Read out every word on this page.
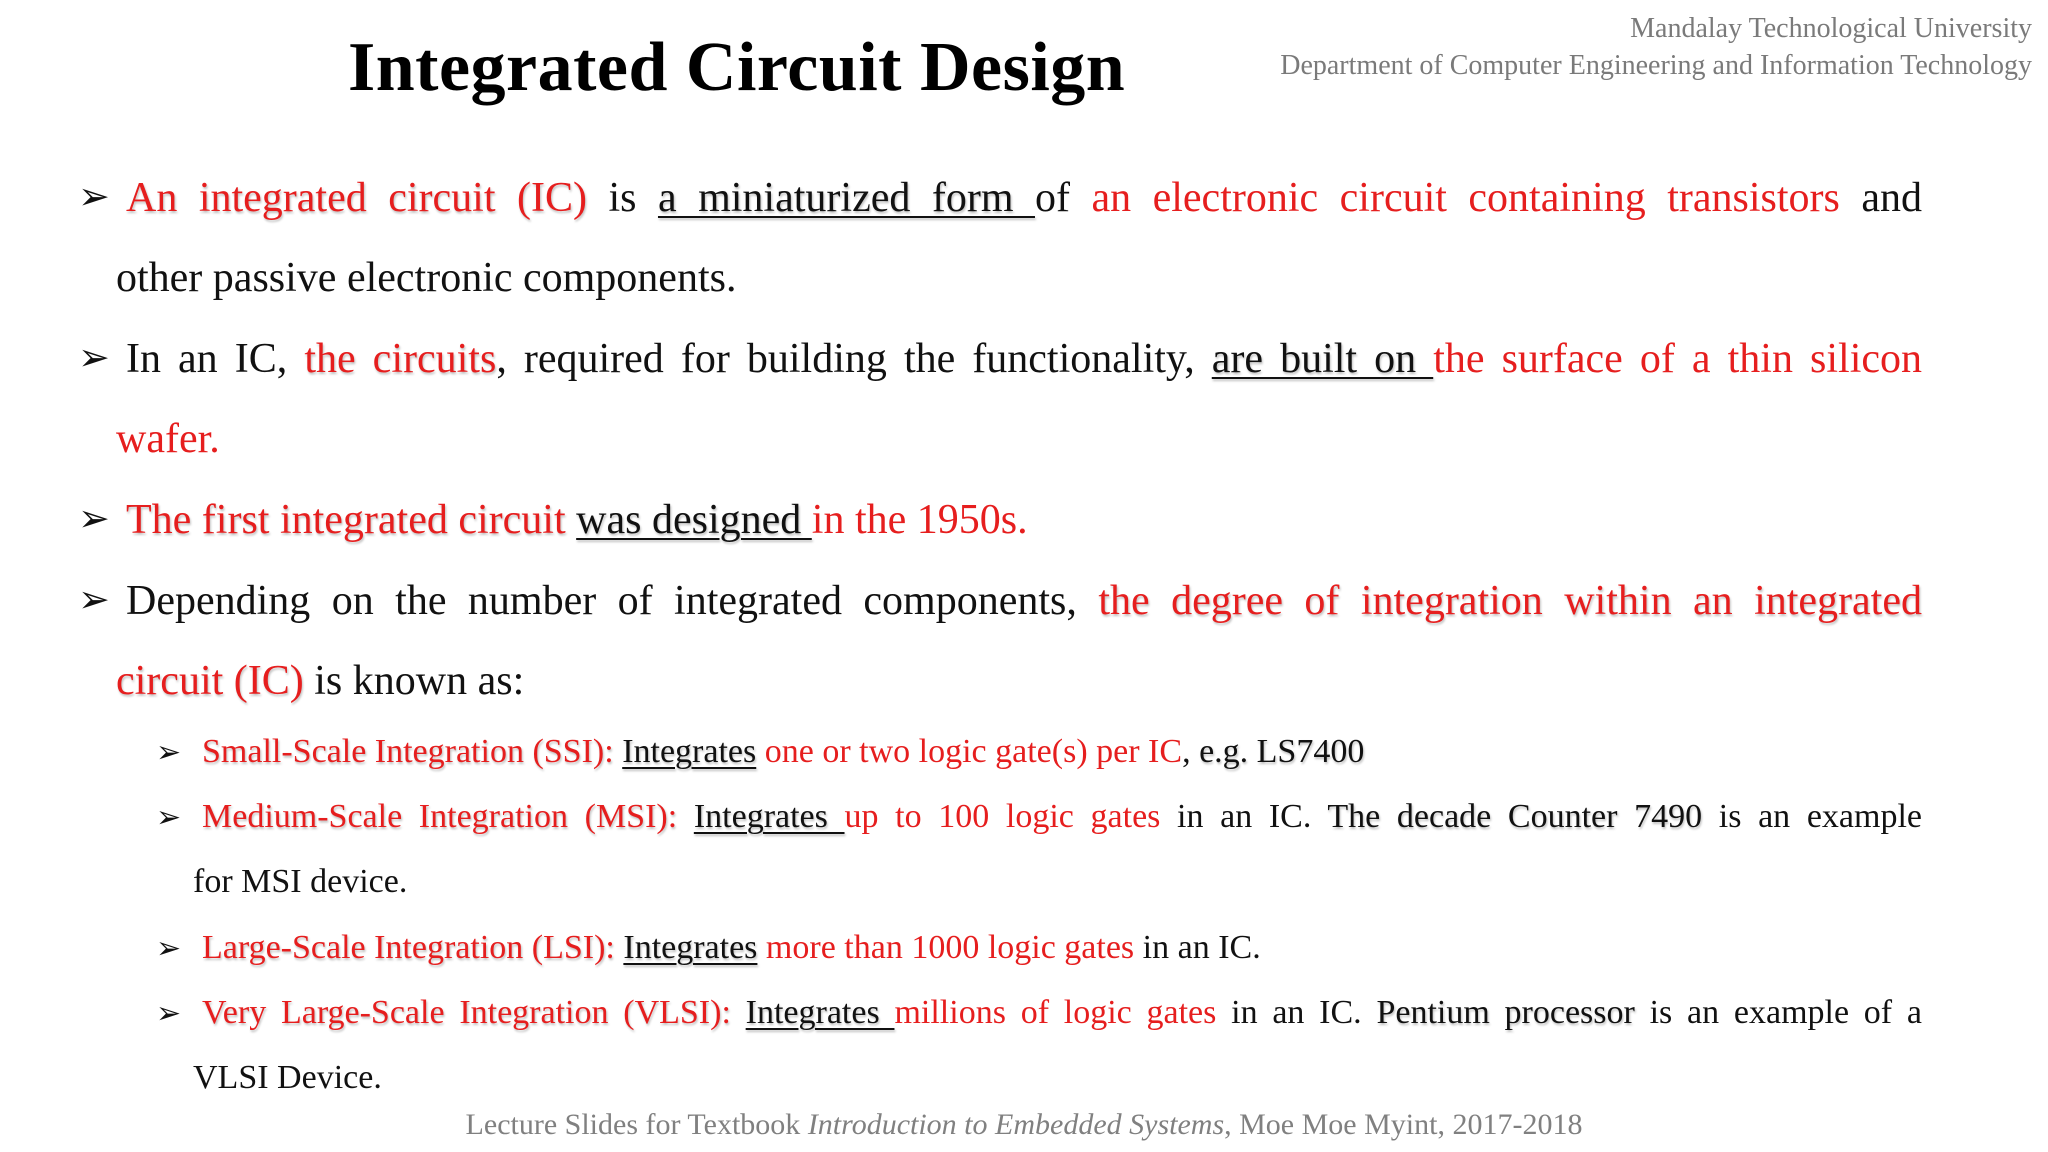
Integrated Circuit Design
Mandalay Technological University
Department of Computer Engineering and Information Technology
➢ An integrated circuit (IC) is a miniaturized form of an electronic circuit containing transistors and
other passive electronic components.
➢ In an IC, the circuits, required for building the functionality, are built on the surface of a thin silicon
wafer.
➢ The first integrated circuit was designed in the 1950s.
➢ Depending on the number of integrated components, the degree of integration within an integrated
circuit (IC) is known as:
➢ Small-Scale Integration (SSI): Integrates one or two logic gate(s) per IC, e.g. LS7400
➢ Medium-Scale Integration (MSI): Integrates up to 100 logic gates in an IC. The decade Counter 7490 is an example
for MSI device.
➢ Large-Scale Integration (LSI): Integrates more than 1000 logic gates in an IC.
➢ Very Large-Scale Integration (VLSI): Integrates millions of logic gates in an IC. Pentium processor is an example of a
VLSI Device.
Lecture Slides for Textbook Introduction to Embedded Systems, Moe Moe Myint, 2017-2018
